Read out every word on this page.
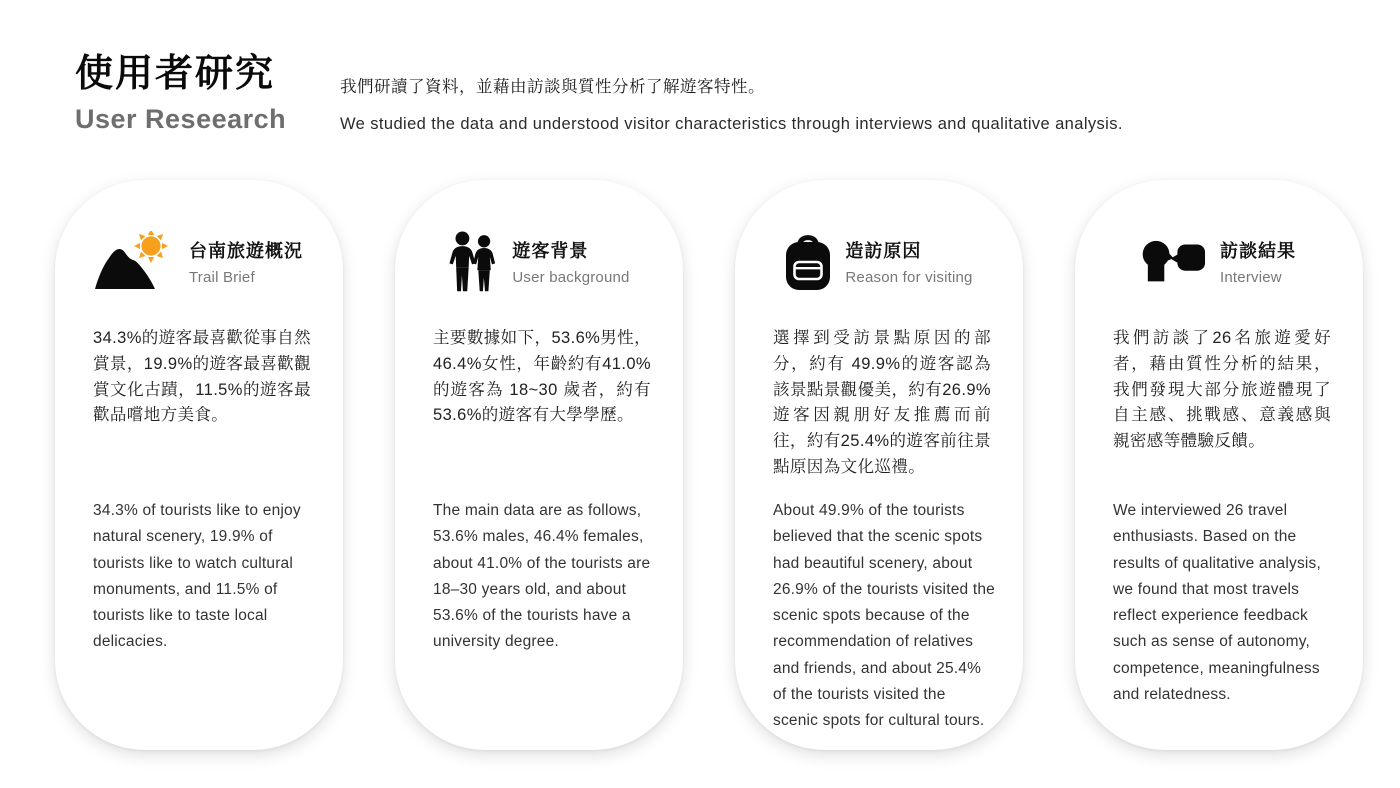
使用者研究
User Reseearch
我們研讀了資料，並藉由訪談與質性分析了解遊客特性。
We studied the data and understood visitor characteristics through interviews and qualitative analysis.
台南旅遊概況
Trail Brief

34.3%的遊客最喜歡從事自然賞景，19.9%的遊客最喜歡觀賞文化古蹟，11.5%的遊客最歡品嚐地方美食。

34.3% of tourists like to enjoy natural scenery, 19.9% of tourists like to watch cultural monuments, and 11.5% of tourists like to taste local delicacies.

遊客背景
User background

主要數據如下，53.6%男性，46.4%女性，年齡約有41.0%的遊客為 18~30 歲者，約有53.6%的遊客有大學學歷。

The main data are as follows, 53.6% males, 46.4% females, about 41.0% of the tourists are 18–30 years old, and about 53.6% of the tourists have a university degree.

造訪原因
Reason for visiting

選擇到受訪景點原因的部分，約有 49.9%的遊客認為該景點景觀優美，約有26.9%遊客因親朋好友推薦而前往，約有25.4%的遊客前往景點原因為文化巡禮。

About 49.9% of the tourists believed that the scenic spots had beautiful scenery, about 26.9% of the tourists visited the scenic spots because of the recommendation of relatives and friends, and about 25.4% of the tourists visited the scenic spots for cultural tours.

訪談結果
Interview

我們訪談了26名旅遊愛好者，藉由質性分析的結果，我們發現大部分旅遊體現了自主感、挑戰感、意義感與親密感等體驗反饋。

We interviewed 26 travel enthusiasts. Based on the results of qualitative analysis, we found that most travels reflect experience feedback such as sense of autonomy, competence, meaningfulness and relatedness.
